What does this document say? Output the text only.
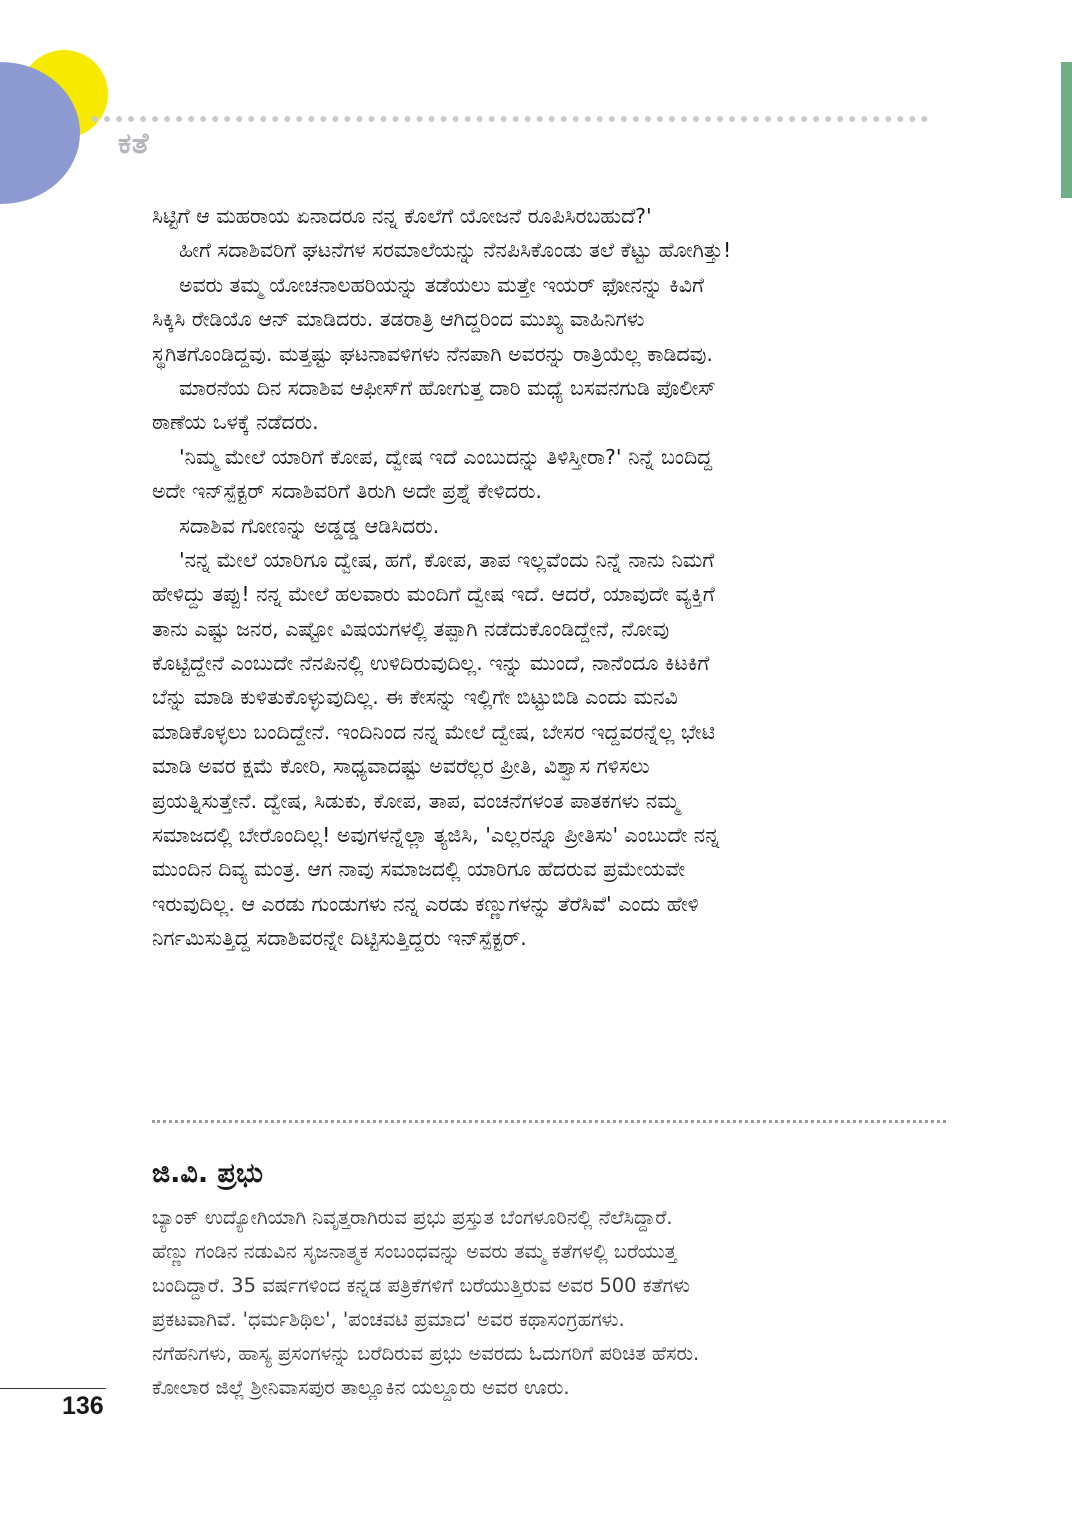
ಕತೆ
ಸಿಟ್ಟಿಗೆ ಆ ಮಹರಾಯ ಏನಾದರೂ ನನ್ನ ಕೊಲೆಗೆ ಯೋಜನೆ ರೂಪಿಸಿರಬಹುದೆ?'
ಹೀಗೆ ಸದಾಶಿವರಿಗೆ ಘಟನೆಗಳ ಸರಮಾಲೆಯನ್ನು ನೆನಪಿಸಿಕೊಂಡು ತಲೆ ಕೆಟ್ಟು ಹೋಗಿತ್ತು!
ಅವರು ತಮ್ಮ ಯೋಚನಾಲಹರಿಯನ್ನು ತಡೆಯಲು ಮತ್ತೇ ಇಯರ್ ಫೋನನ್ನು ಕಿವಿಗೆ
ಸಿಕ್ಕಿಸಿ ರೇಡಿಯೊ ಆನ್ ಮಾಡಿದರು. ತಡರಾತ್ರಿ ಆಗಿದ್ದರಿಂದ ಮುಖ್ಯ ವಾಹಿನಿಗಳು
ಸ್ಥಗಿತಗೊಂಡಿದ್ದವು. ಮತ್ತಷ್ಟು ಘಟನಾವಳಿಗಳು ನೆನಪಾಗಿ ಅವರನ್ನು ರಾತ್ರಿಯೆಲ್ಲ ಕಾಡಿದವು.
ಮಾರನೆಯ ದಿನ ಸದಾಶಿವ ಆಫೀಸ್‌ಗೆ ಹೋಗುತ್ತ ದಾರಿ ಮಧ್ಯೆ ಬಸವನಗುಡಿ ಪೊಲೀಸ್
ಠಾಣೆಯ ಒಳಕ್ಕೆ ನಡೆದರು.
'ನಿಮ್ಮ ಮೇಲೆ ಯಾರಿಗೆ ಕೋಪ, ದ್ವೇಷ ಇದೆ ಎಂಬುದನ್ನು ತಿಳಿಸ್ತೀರಾ?' ನಿನ್ನೆ ಬಂದಿದ್ದ
ಅದೇ ಇನ್‌ಸ್ಪೆಕ್ಟರ್ ಸದಾಶಿವರಿಗೆ ತಿರುಗಿ ಅದೇ ಪ್ರಶ್ನೆ ಕೇಳಿದರು.
ಸದಾಶಿವ ಗೋಣನ್ನು ಅಡ್ಡಡ್ಡ ಆಡಿಸಿದರು.
'ನನ್ನ ಮೇಲೆ ಯಾರಿಗೂ ದ್ವೇಷ, ಹಗೆ, ಕೋಪ, ತಾಪ ಇಲ್ಲವೆಂದು ನಿನ್ನೆ ನಾನು ನಿಮಗೆ
ಹೇಳಿದ್ದು ತಪ್ಪು! ನನ್ನ ಮೇಲೆ ಹಲವಾರು ಮಂದಿಗೆ ದ್ವೇಷ ಇದೆ. ಆದರೆ, ಯಾವುದೇ ವ್ಯಕ್ತಿಗೆ
ತಾನು ಎಷ್ಟು ಜನರ, ಎಷ್ಟೋ ವಿಷಯಗಳಲ್ಲಿ ತಪ್ಪಾಗಿ ನಡೆದುಕೊಂಡಿದ್ದೇನೆ, ನೋವು
ಕೊಟ್ಟಿದ್ದೇನೆ ಎಂಬುದೇ ನೆನಪಿನಲ್ಲಿ ಉಳಿದಿರುವುದಿಲ್ಲ. ಇನ್ನು ಮುಂದೆ, ನಾನೆಂದೂ ಕಿಟಕಿಗೆ
ಬೆನ್ನು ಮಾಡಿ ಕುಳಿತುಕೊಳ್ಳುವುದಿಲ್ಲ. ಈ ಕೇಸನ್ನು ಇಲ್ಲಿಗೇ ಬಿಟ್ಟುಬಿಡಿ ಎಂದು ಮನವಿ
ಮಾಡಿಕೊಳ್ಳಲು ಬಂದಿದ್ದೇನೆ. ಇಂದಿನಿಂದ ನನ್ನ ಮೇಲೆ ದ್ವೇಷ, ಬೇಸರ ಇದ್ದವರನ್ನೆಲ್ಲ ಭೇಟಿ
ಮಾಡಿ ಅವರ ಕ್ಷಮೆ ಕೋರಿ, ಸಾಧ್ಯವಾದಷ್ಟು ಅವರೆಲ್ಲರ ಪ್ರೀತಿ, ವಿಶ್ವಾಸ ಗಳಿಸಲು
ಪ್ರಯತ್ನಿಸುತ್ತೇನೆ. ದ್ವೇಷ, ಸಿಡುಕು, ಕೋಪ, ತಾಪ, ವಂಚನೆಗಳಂತ ಪಾತಕಗಳು ನಮ್ಮ
ಸಮಾಜದಲ್ಲಿ ಬೇರೊಂದಿಲ್ಲ! ಅವುಗಳನ್ನೆಲ್ಲಾ ತ್ಯಜಿಸಿ, 'ಎಲ್ಲರನ್ನೂ ಪ್ರೀತಿಸು' ಎಂಬುದೇ ನನ್ನ
ಮುಂದಿನ ದಿವ್ಯ ಮಂತ್ರ. ಆಗ ನಾವು ಸಮಾಜದಲ್ಲಿ ಯಾರಿಗೂ ಹೆದರುವ ಪ್ರಮೇಯವೇ
ಇರುವುದಿಲ್ಲ. ಆ ಎರಡು ಗುಂಡುಗಳು ನನ್ನ ಎರಡು ಕಣ್ಣುಗಳನ್ನು ತೆರೆಸಿವೆ' ಎಂದು ಹೇಳಿ
ನಿರ್ಗಮಿಸುತ್ತಿದ್ದ ಸದಾಶಿವರನ್ನೇ ದಿಟ್ಟಿಸುತ್ತಿದ್ದರು ಇನ್‌ಸ್ಪೆಕ್ಟರ್.
ಜಿ.ವಿ. ಪ್ರಭು
ಬ್ಯಾಂಕ್ ಉದ್ಯೋಗಿಯಾಗಿ ನಿವೃತ್ತರಾಗಿರುವ ಪ್ರಭು ಪ್ರಸ್ತುತ ಬೆಂಗಳೂರಿನಲ್ಲಿ ನೆಲೆಸಿದ್ದಾರೆ.
ಹೆಣ್ಣು ಗಂಡಿನ ನಡುವಿನ ಸೃಜನಾತ್ಮಕ ಸಂಬಂಧವನ್ನು ಅವರು ತಮ್ಮ ಕತೆಗಳಲ್ಲಿ ಬರೆಯುತ್ತ
ಬಂದಿದ್ದಾರೆ. 35 ವರ್ಷಗಳಿಂದ ಕನ್ನಡ ಪತ್ರಿಕೆಗಳಿಗೆ ಬರೆಯುತ್ತಿರುವ ಅವರ 500 ಕತೆಗಳು
ಪ್ರಕಟವಾಗಿವೆ. 'ಧರ್ಮಶಿಥಿಲ', 'ಪಂಚವಟಿ ಪ್ರಮಾದ' ಅವರ ಕಥಾಸಂಗ್ರಹಗಳು.
ನಗೆಹನಿಗಳು, ಹಾಸ್ಯ ಪ್ರಸಂಗಳನ್ನು ಬರೆದಿರುವ ಪ್ರಭು ಅವರದು ಓದುಗರಿಗೆ ಪರಿಚಿತ ಹೆಸರು.
ಕೋಲಾರ ಜಿಲ್ಲೆ ಶ್ರೀನಿವಾಸಪುರ ತಾಲ್ಲೂಕಿನ ಯಲ್ದೂರು ಅವರ ಊರು.
136
